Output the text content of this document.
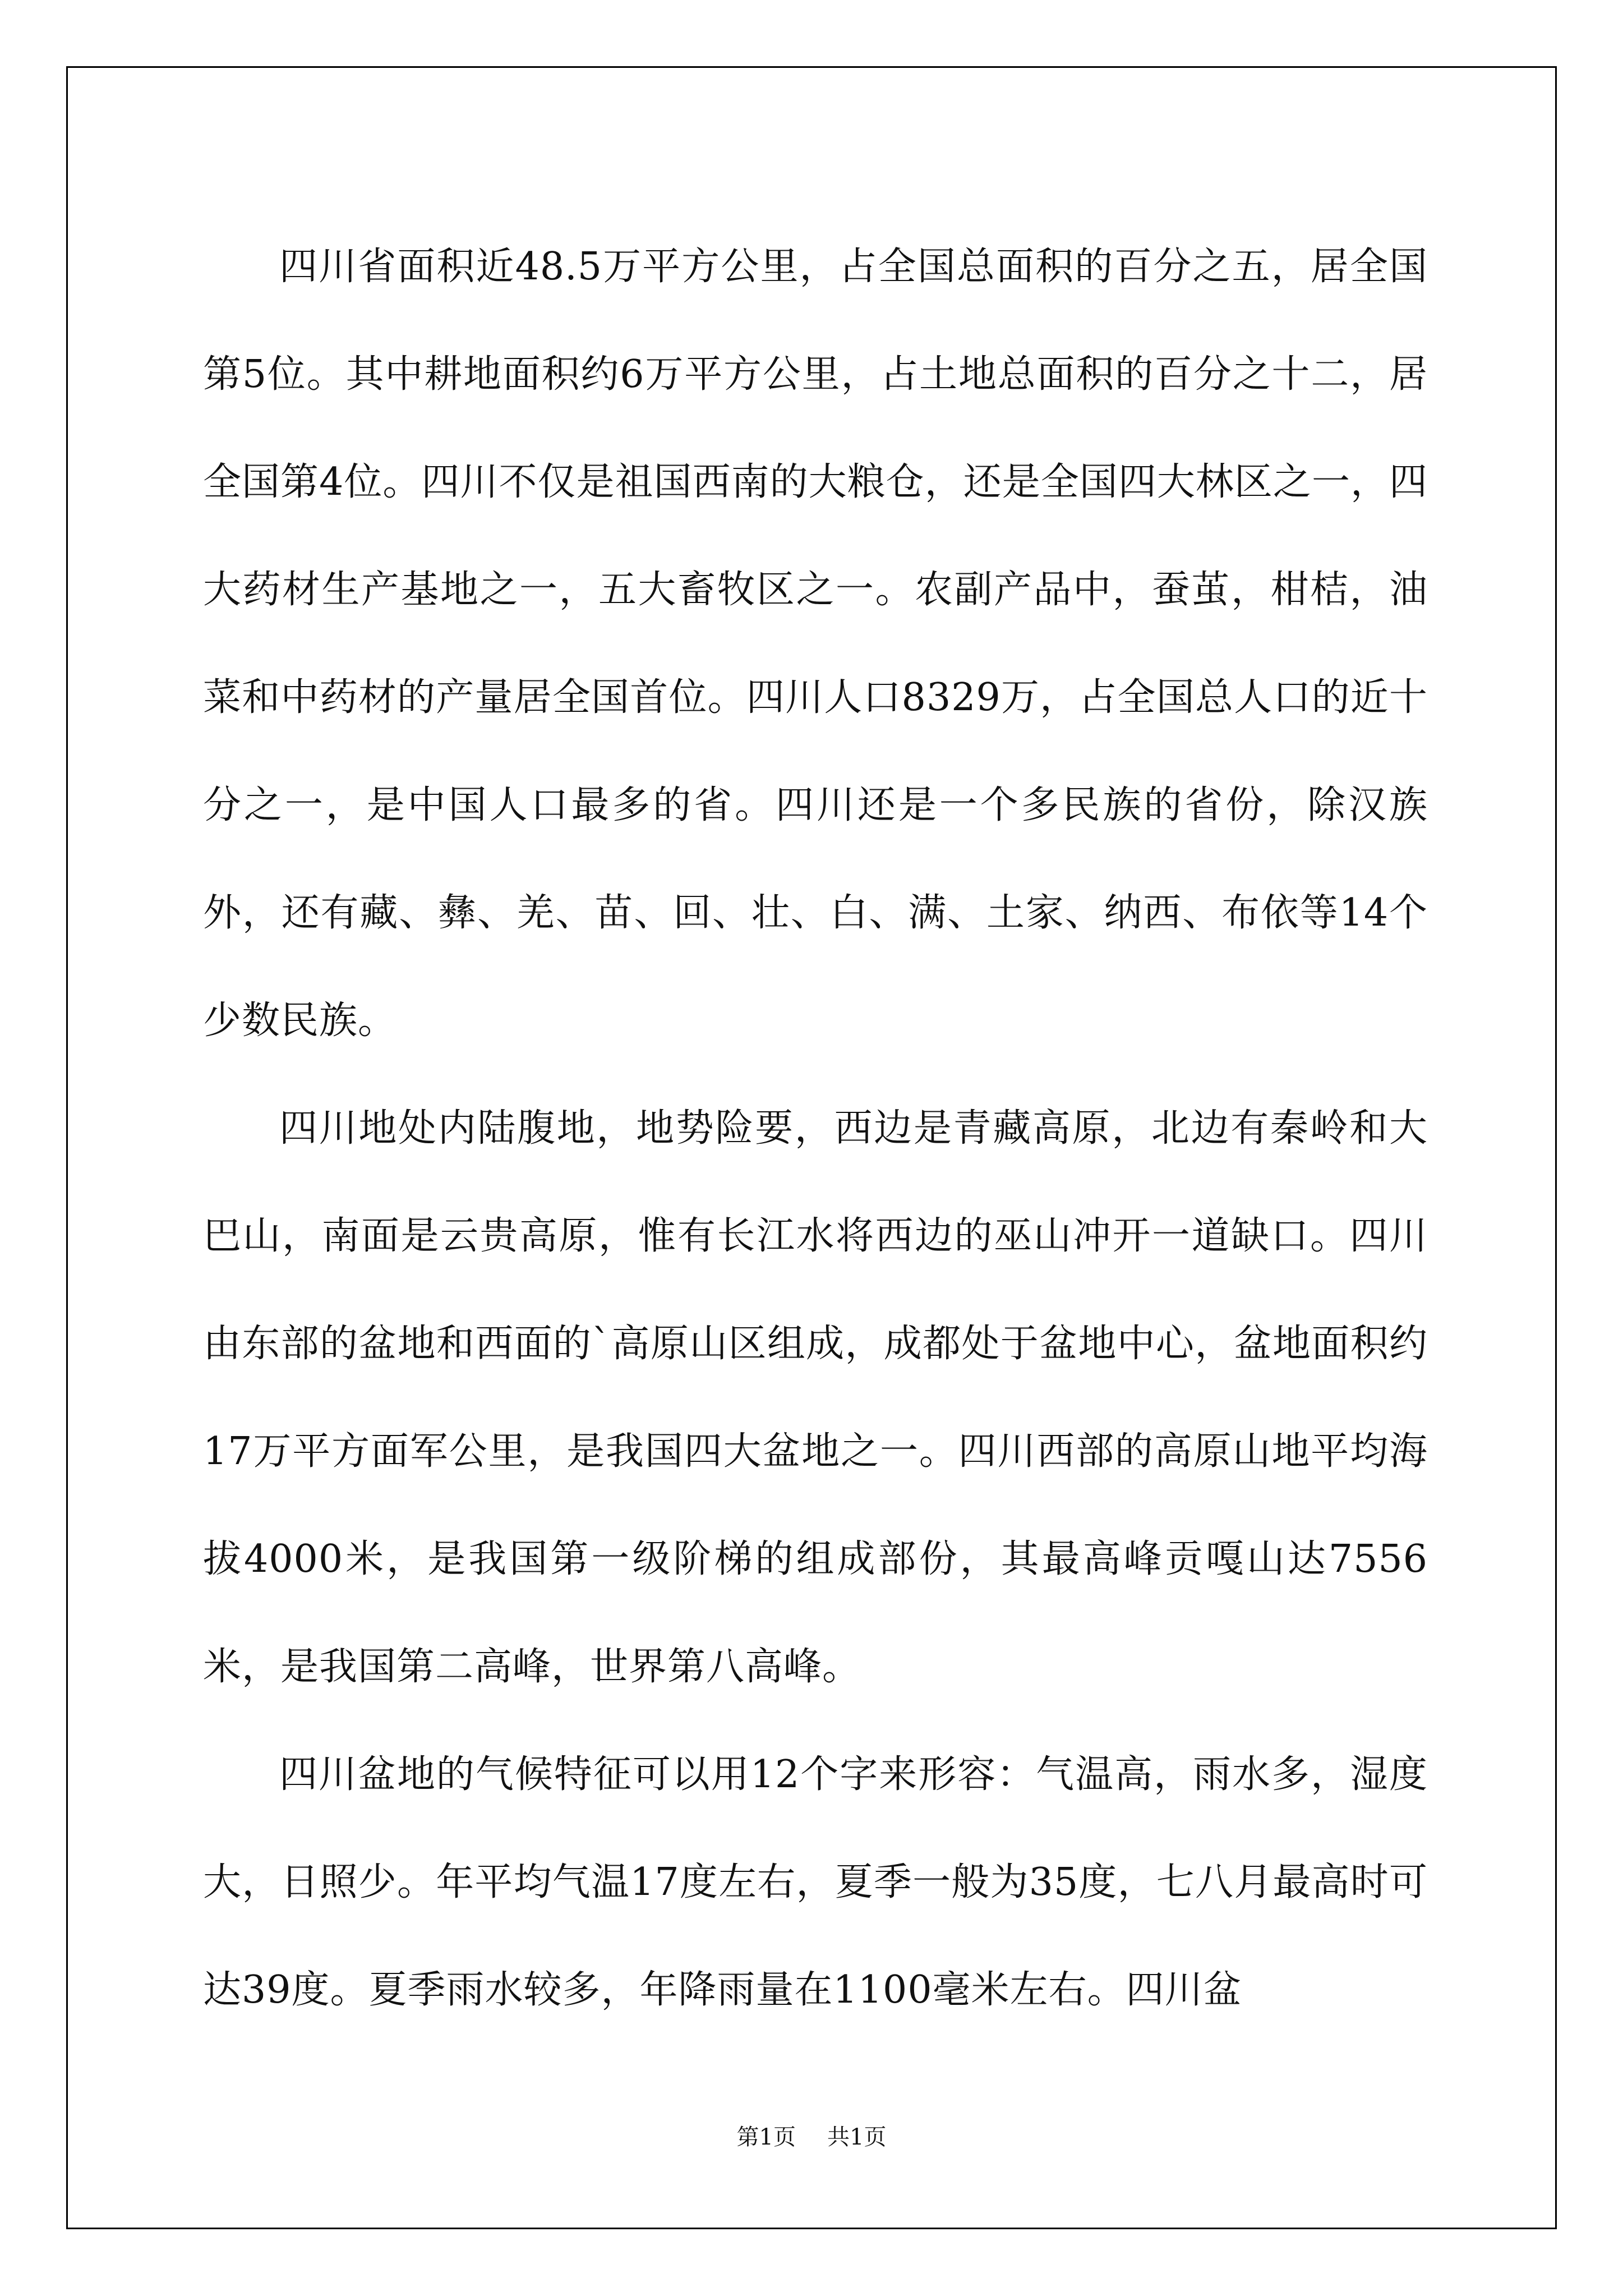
四川省面积近48.5万平方公里，占全国总面积的百分之五，居全国第5位。其中耕地面积约6万平方公里，占土地总面积的百分之十二，居全国第4位。四川不仅是祖国西南的大粮仓，还是全国四大林区之一，四大药材生产基地之一，五大畜牧区之一。农副产品中，蚕茧，柑桔，油菜和中药材的产量居全国首位。四川人口8329万，占全国总人口的近十分之一，是中国人口最多的省。四川还是一个多民族的省份，除汉族外，还有藏、彝、羌、苗、回、壮、白、满、土家、纳西、布依等14个少数民族。

四川地处内陆腹地，地势险要，西边是青藏高原，北边有秦岭和大巴山，南面是云贵高原，惟有长江水将西边的巫山冲开一道缺口。四川由东部的盆地和西面的`高原山区组成，成都处于盆地中心，盆地面积约17万平方面军公里，是我国四大盆地之一。四川西部的高原山地平均海拔4000米，是我国第一级阶梯的组成部份，其最高峰贡嘎山达7556米，是我国第二高峰，世界第八高峰。

四川盆地的气候特征可以用12个字来形容：气温高，雨水多，湿度大，日照少。年平均气温17度左右，夏季一般为35度，七八月最高时可达39度。夏季雨水较多，年降雨量在1100毫米左右。四川盆

第1页 共1页
